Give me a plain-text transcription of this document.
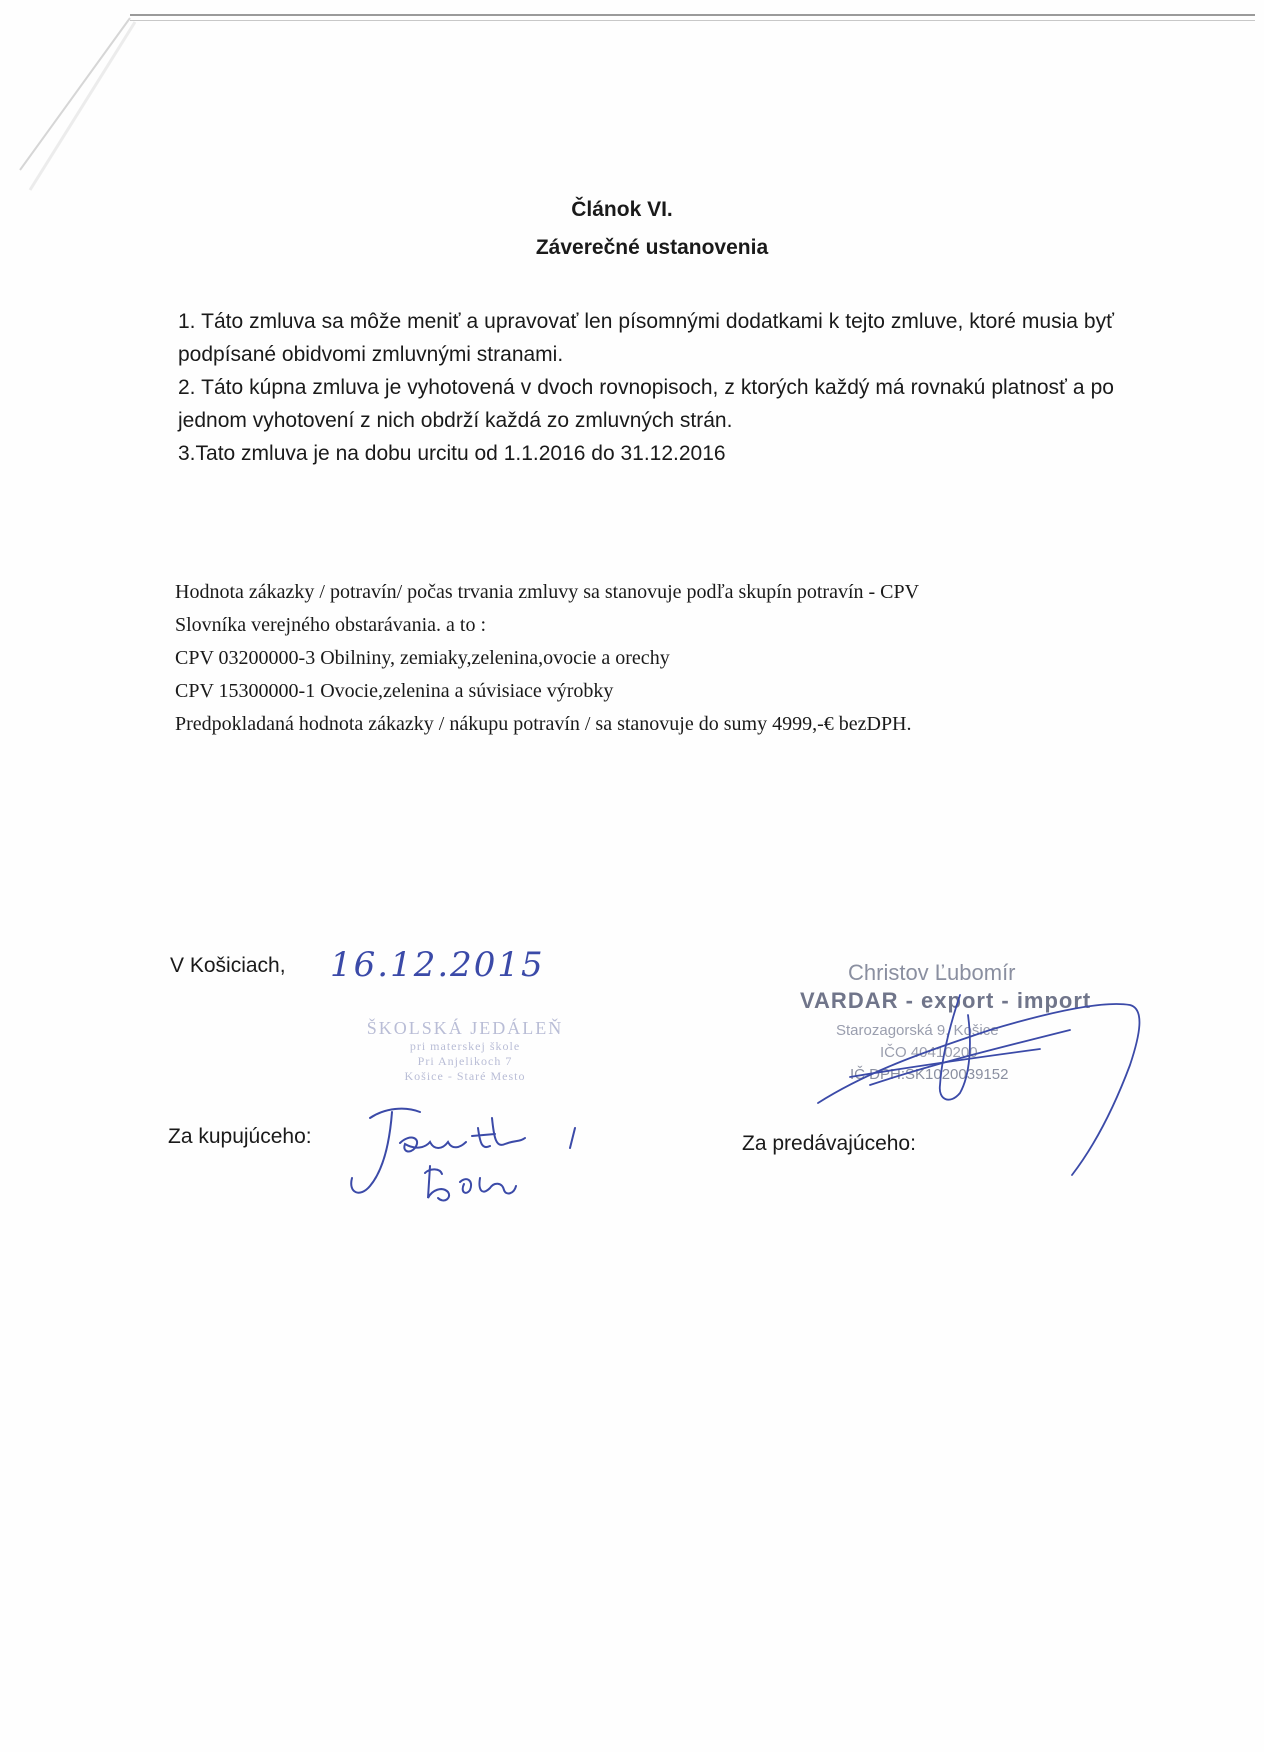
Článok VI.
Záverečné ustanovenia

1. Táto zmluva sa môže meniť a upravovať len písomnými dodatkami k tejto zmluve, ktoré musia byť podpísané obidvomi zmluvnými stranami.

2. Táto kúpna zmluva je vyhotovená v dvoch rovnopisoch, z ktorých každý má rovnakú platnosť a po jednom vyhotovení z nich obdrží každá zo zmluvných strán.

3.Tato zmluva je na dobu urcitu od 1.1.2016 do 31.12.2016

Hodnota zákazky / potravín/ počas trvania zmluvy sa stanovuje podľa skupín potravín - CPV

Slovníka verejného obstarávania. a to :

CPV 03200000-3 Obilniny, zemiaky,zelenina,ovocie a orechy

CPV 15300000-1 Ovocie,zelenina a súvisiace výrobky

Predpokladaná hodnota zákazky / nákupu potravín / sa stanovuje do sumy 4999,-€ bezDPH.

V Košiciach, 16.12.2015
ŠKOLSKÁ JEDÁLEŇ
pri materskej škole
Pri Anjelikoch 7
Košice - Staré Mesto
Za kupujúceho:
Christov Ľubomír
VARDAR - export - import
Starozagorská 9, Košice
IČO 40410200
IČ DPH:SK1020039152
Za predávajúceho:
